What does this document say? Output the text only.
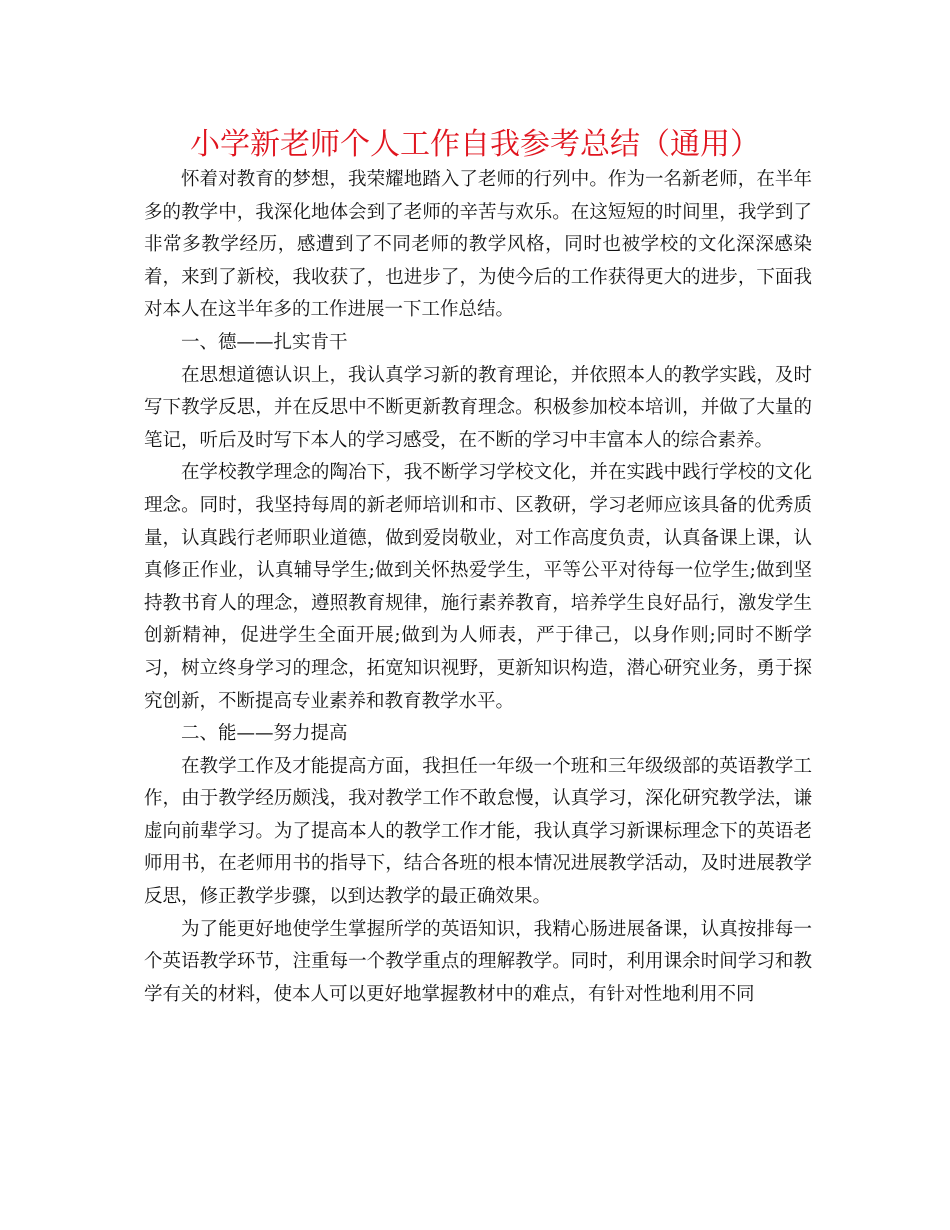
小学新老师个人工作自我参考总结（通用）

怀着对教育的梦想，我荣耀地踏入了老师的行列中。作为一名新老师，在半年多的教学中，我深化地体会到了老师的辛苦与欢乐。在这短短的时间里，我学到了非常多教学经历，感遭到了不同老师的教学风格，同时也被学校的文化深深感染着，来到了新校，我收获了，也进步了，为使今后的工作获得更大的进步，下面我对本人在这半年多的工作进展一下工作总结。

一、德——扎实肯干

在思想道德认识上，我认真学习新的教育理论，并依照本人的教学实践，及时写下教学反思，并在反思中不断更新教育理念。积极参加校本培训，并做了大量的笔记，听后及时写下本人的学习感受，在不断的学习中丰富本人的综合素养。

在学校教学理念的陶冶下，我不断学习学校文化，并在实践中践行学校的文化理念。同时，我坚持每周的新老师培训和市、区教研，学习老师应该具备的优秀质量，认真践行老师职业道德，做到爱岗敬业，对工作高度负责，认真备课上课，认真修正作业，认真辅导学生;做到关怀热爱学生，平等公平对待每一位学生;做到坚持教书育人的理念，遵照教育规律，施行素养教育，培养学生良好品行，激发学生创新精神，促进学生全面开展;做到为人师表，严于律己，以身作则;同时不断学习，树立终身学习的理念，拓宽知识视野，更新知识构造，潜心研究业务，勇于探究创新，不断提高专业素养和教育教学水平。

二、能——努力提高

在教学工作及才能提高方面，我担任一年级一个班和三年级级部的英语教学工作，由于教学经历颇浅，我对教学工作不敢怠慢，认真学习，深化研究教学法，谦虚向前辈学习。为了提高本人的教学工作才能，我认真学习新课标理念下的英语老师用书，在老师用书的指导下，结合各班的根本情况进展教学活动，及时进展教学反思，修正教学步骤，以到达教学的最正确效果。

为了能更好地使学生掌握所学的英语知识，我精心肠进展备课，认真按排每一个英语教学环节，注重每一个教学重点的理解教学。同时，利用课余时间学习和教学有关的材料，使本人可以更好地掌握教材中的难点，有针对性地利用不同
